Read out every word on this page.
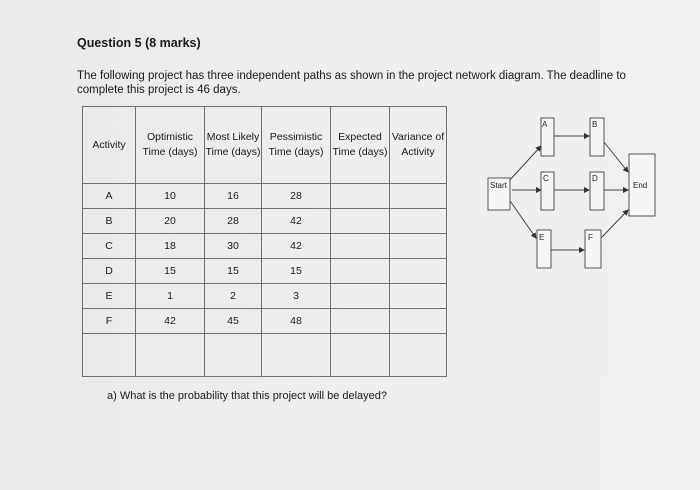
Question 5 (8 marks)
The following project has three independent paths as shown in the project network diagram. The deadline to complete this project is 46 days.
Activity	Optimistic Time (days)	Most Likely Time (days)	Pessimistic Time (days)	Expected Time (days)	Variance of Activity
A	10	16	28		
B	20	28	42		
C	18	30	42		
D	15	15	15		
E	1	2	3		
F	42	45	48		

Start
A	B
C	D
E	F
End
a) What is the probability that this project will be delayed?
